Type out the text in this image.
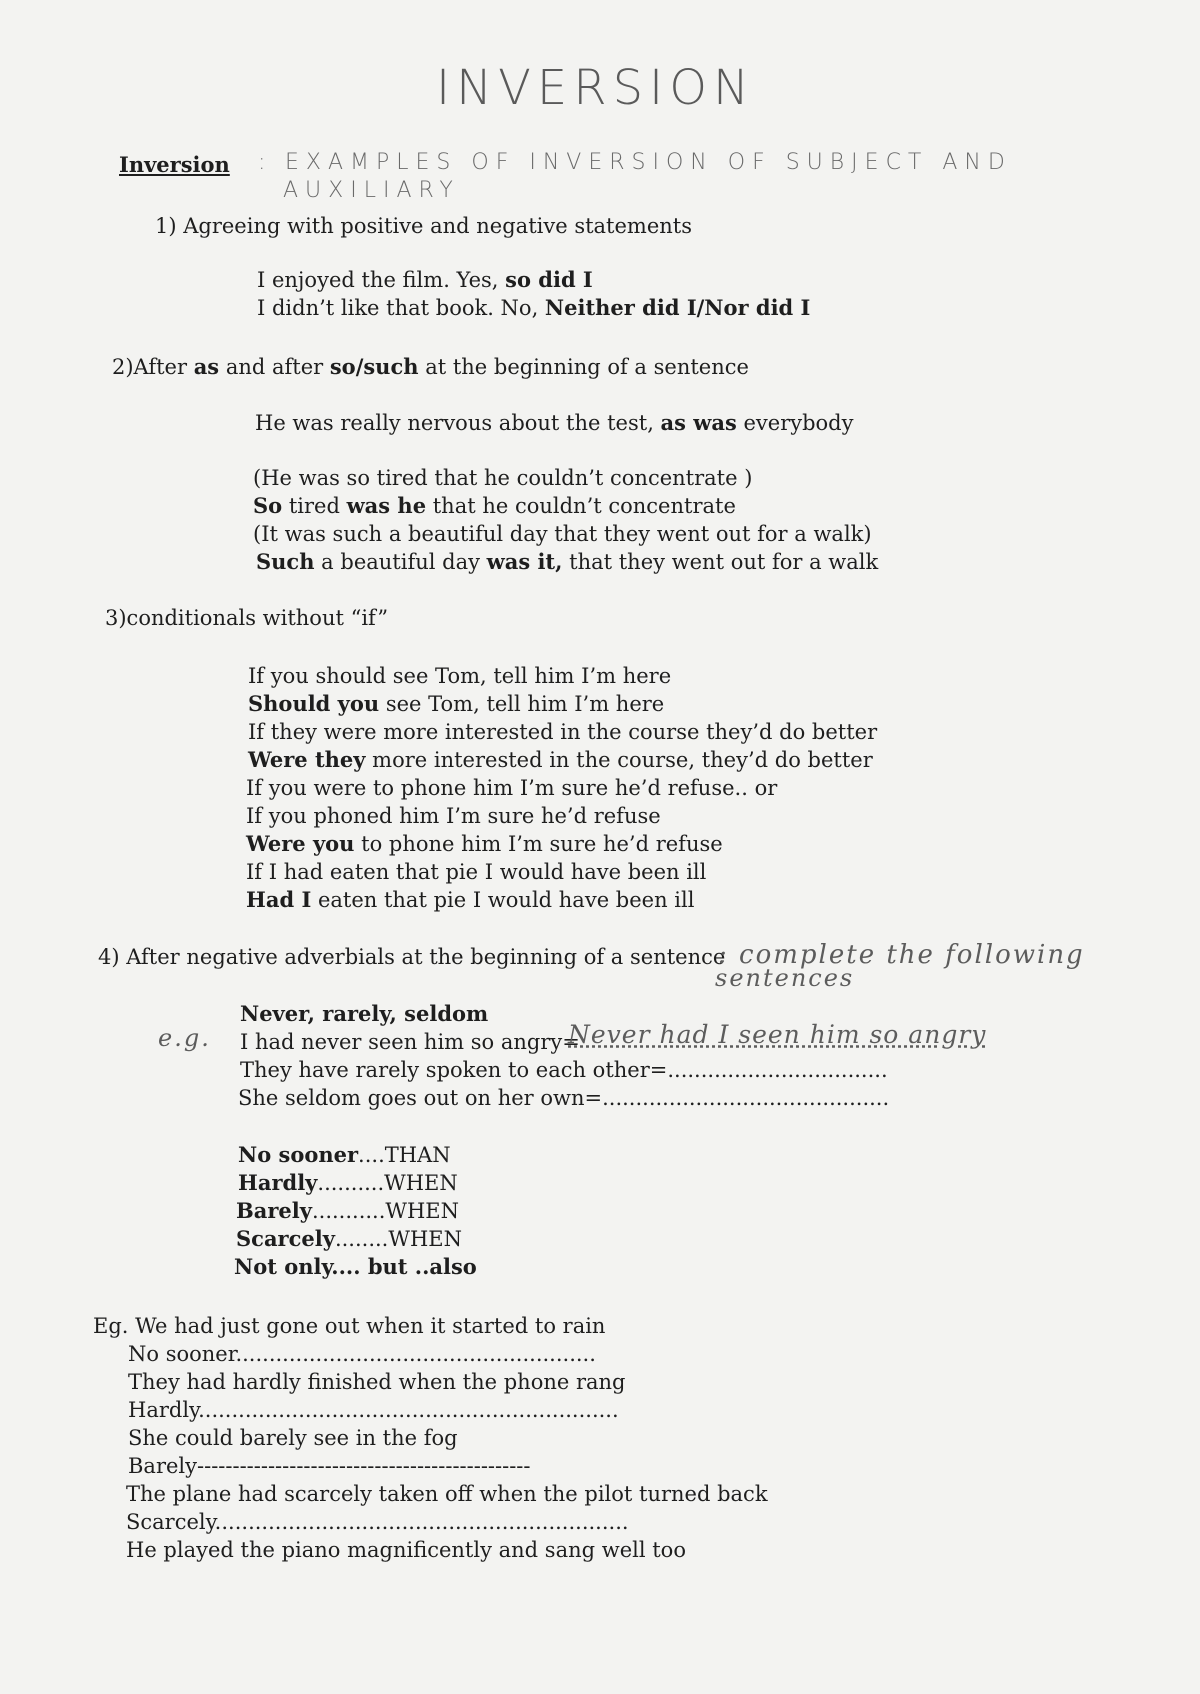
INVERSION
Inversion : EXAMPLES OF INVERSION OF SUBJECT AND
AUXILIARY
1) Agreeing with positive and negative statements
I enjoyed the film. Yes, so did I
I didn’t like that book. No, Neither did I/Nor did I
2)After as and after so/such at the beginning of a sentence
He was really nervous about the test, as was everybody
(He was so tired that he couldn’t concentrate )
So tired was he that he couldn’t concentrate
(It was such a beautiful day that they went out for a walk)
Such a beautiful day was it, that they went out for a walk
3)conditionals without “if”
If you should see Tom, tell him I’m here
Should you see Tom, tell him I’m here
If they were more interested in the course they’d do better
Were they more interested in the course, they’d do better
If you were to phone him I’m sure he’d refuse.. or
If you phoned him I’m sure he’d refuse
Were you to phone him I’m sure he’d refuse
If I had eaten that pie I would have been ill
Had I eaten that pie I would have been ill
4) After negative adverbials at the beginning of a sentence
: complete the following
sentences
Never, rarely, seldom
e.g. I had never seen him so angry=
Never had I seen him so angry
They have rarely spoken to each other=.................................
She seldom goes out on her own=...........................................
No sooner....THAN
Hardly..........WHEN
Barely...........WHEN
Scarcely........WHEN
Not only.... but ..also
Eg. We had just gone out when it started to rain
No sooner......................................................
They had hardly finished when the phone rang
Hardly...............................................................
She could barely see in the fog
Barely-----------------------------------------------
The plane had scarcely taken off when the pilot turned back
Scarcely..............................................................
He played the piano magnificently and sang well too
